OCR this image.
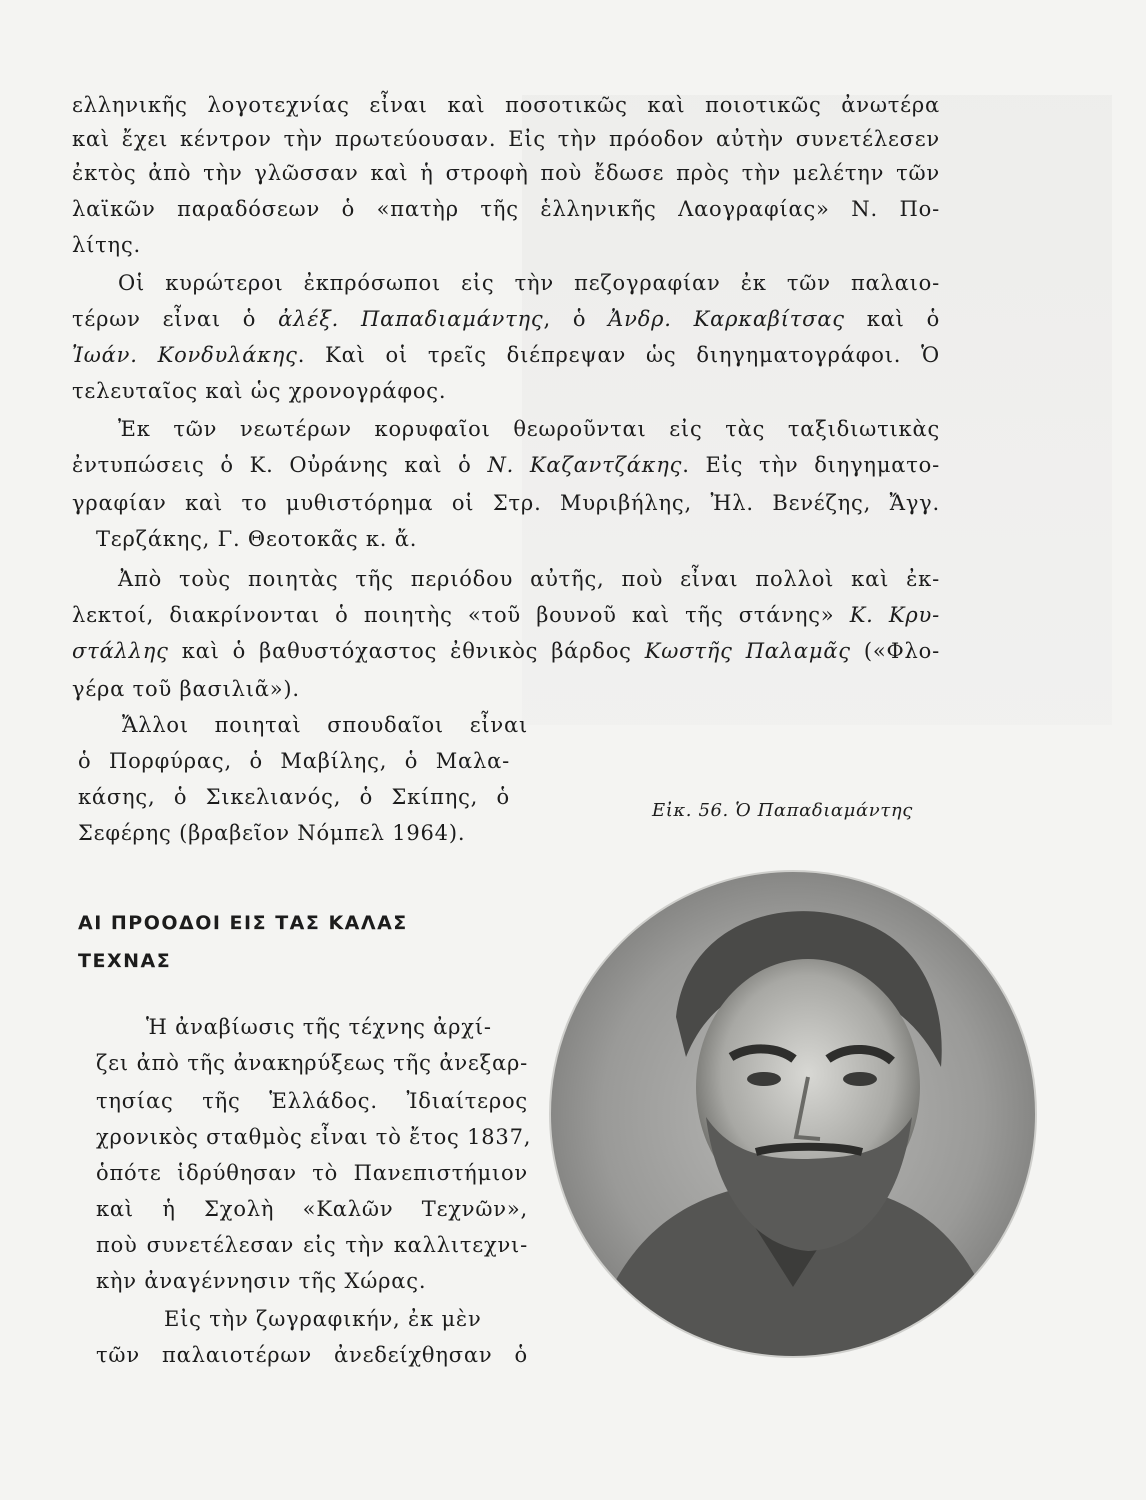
ελληνικῆς λογοτεχνίας εἶναι καὶ ποσοτικῶς καὶ ποιοτικῶς ἀνωτέρα
καὶ ἔχει κέντρον τὴν πρωτεύουσαν. Εἰς τὴν πρόοδον αὐτὴν συνετέλεσεν
ἐκτὸς ἀπὸ τὴν γλῶσσαν καὶ ἡ στροφὴ ποὺ ἔδωσε πρὸς τὴν μελέτην τῶν
λαϊκῶν παραδόσεων ὁ «πατὴρ τῆς ἑλληνικῆς Λαογραφίας» Ν. Πο-
λίτης.
Οἱ κυρώτεροι ἐκπρόσωποι εἰς τὴν πεζογραφίαν ἐκ τῶν παλαιο-
τέρων εἶναι ὁ ἀλέξ. Παπαδιαμάντης, ὁ Ἀνδρ. Καρκαβίτσας καὶ ὁ
Ἰωάν. Κονδυλάκης. Καὶ οἱ τρεῖς διέπρεψαν ὡς διηγηματογράφοι. Ὁ
τελευταῖος καὶ ὡς χρονογράφος.
Ἐκ τῶν νεωτέρων κορυφαῖοι θεωροῦνται εἰς τὰς ταξιδιωτικὰς
ἐντυπώσεις ὁ Κ. Οὐράνης καὶ ὁ Ν. Καζαντζάκης. Εἰς τὴν διηγηματο-
γραφίαν καὶ το μυθιστόρημα οἱ Στρ. Μυριβήλης, Ἠλ. Βενέζης, Ἄγγ.
Τερζάκης, Γ. Θεοτοκᾶς κ. ἄ.
Ἀπὸ τοὺς ποιητὰς τῆς περιόδου αὐτῆς, ποὺ εἶναι πολλοὶ καὶ ἐκ-
λεκτοί, διακρίνονται ὁ ποιητὴς «τοῦ βουνοῦ καὶ τῆς στάνης» Κ. Κρυ-
στάλλης καὶ ὁ βαθυστόχαστος ἐθνικὸς βάρδος Κωστῆς Παλαμᾶς («Φλο-
γέρα τοῦ βασιλιᾶ»).
Ἄλλοι ποιηταὶ σπουδαῖοι εἶναι
ὁ Πορφύρας, ὁ Μαβίλης, ὁ Μαλα-
κάσης, ὁ Σικελιανός, ὁ Σκίπης, ὁ
Σεφέρης (βραβεῖον Νόμπελ 1964).
ΑΙ ΠΡΟΟΔΟΙ ΕΙΣ ΤΑΣ ΚΑΛΑΣ
ΤΕΧΝΑΣ
Ἡ ἀναβίωσις τῆς τέχνης ἀρχί-
ζει ἀπὸ τῆς ἀνακηρύξεως τῆς ἀνεξαρ-
τησίας τῆς Ἑλλάδος. Ἰδιαίτερος
χρονικὸς σταθμὸς εἶναι τὸ ἔτος 1837,
ὁπότε ἱδρύθησαν τὸ Πανεπιστήμιον
καὶ ἡ Σχολὴ «Καλῶν Τεχνῶν»,
ποὺ συνετέλεσαν εἰς τὴν καλλιτεχνι-
κὴν ἀναγέννησιν τῆς Χώρας.
Εἰς τὴν ζωγραφικήν, ἐκ μὲν
τῶν παλαιοτέρων ἀνεδείχθησαν ὁ
Εἰκ. 56. Ὁ Παπαδιαμάντης
